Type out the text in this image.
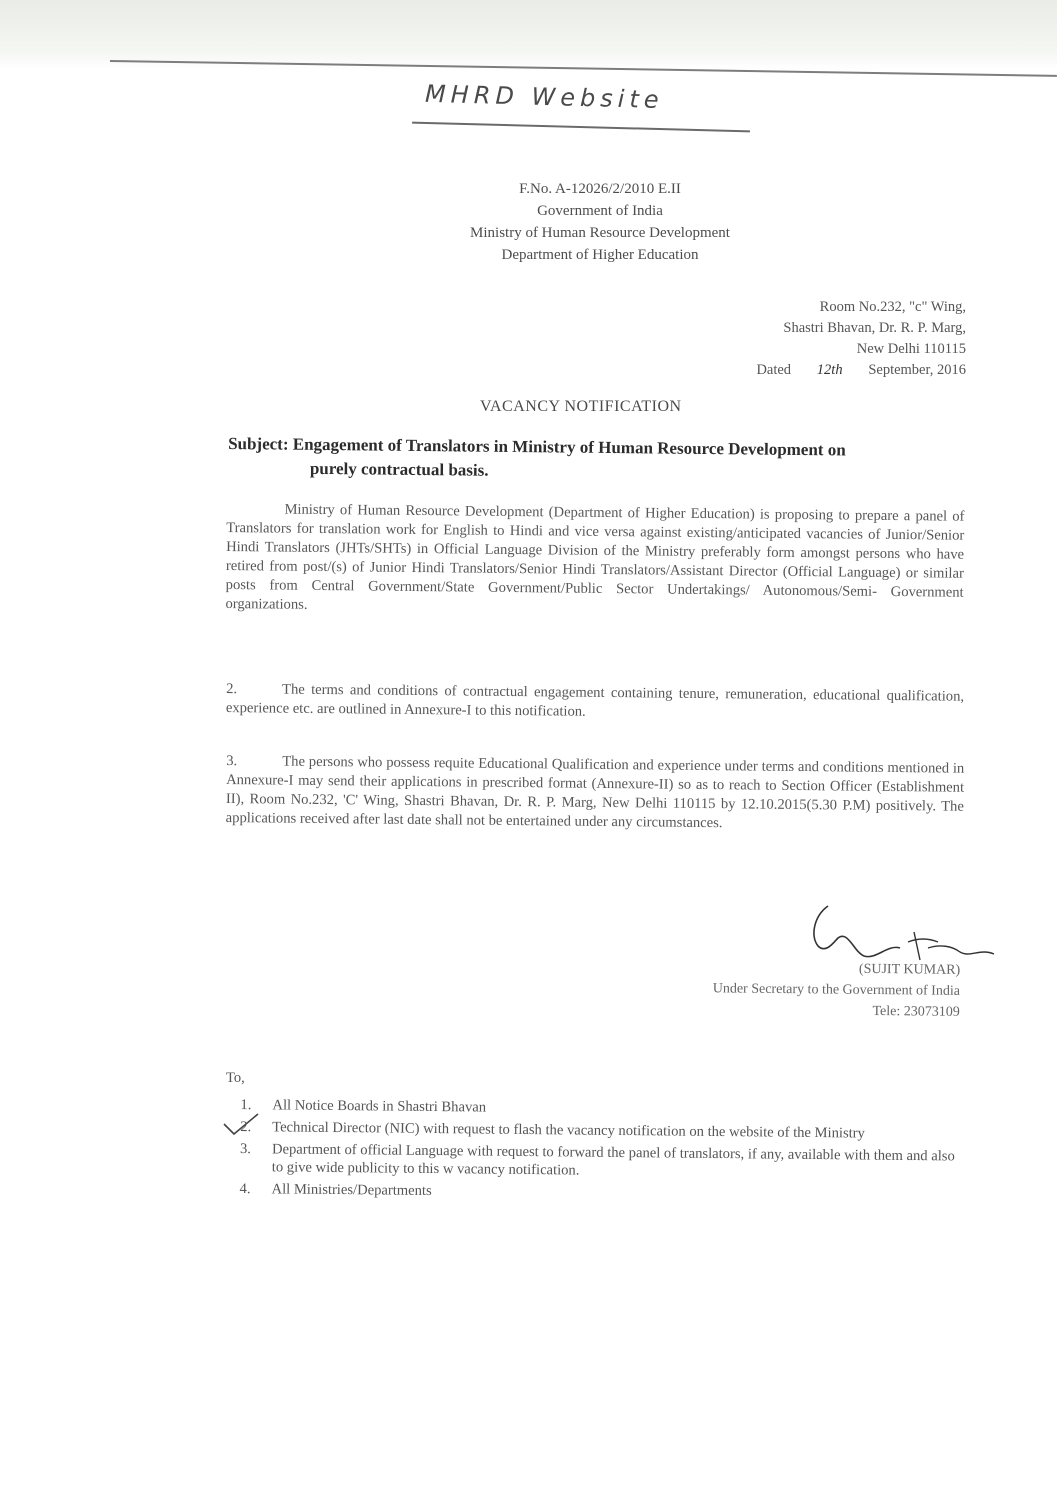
MHRD Website
F.No. A-12026/2/2010 E.II
Government of India
Ministry of Human Resource Development
Department of Higher Education
Room No.232, "c" Wing,
Shastri Bhavan, Dr. R. P. Marg,
New Delhi 110115
Dated 12th September, 2016
VACANCY NOTIFICATION
Subject: Engagement of Translators in Ministry of Human Resource Development on
purely contractual basis.
Ministry of Human Resource Development (Department of Higher Education) is proposing to prepare a panel of Translators for translation work for English to Hindi and vice versa against existing/anticipated vacancies of Junior/Senior Hindi Translators (JHTs/SHTs) in Official Language Division of the Ministry preferably form amongst persons who have retired from post/(s) of Junior Hindi Translators/Senior Hindi Translators/Assistant Director (Official Language) or similar posts from Central Government/State Government/Public Sector Undertakings/ Autonomous/Semi- Government organizations.
2.	The terms and conditions of contractual engagement containing tenure, remuneration, educational qualification, experience etc. are outlined in Annexure-I to this notification.
3.	The persons who possess requite Educational Qualification and experience under terms and conditions mentioned in Annexure-I may send their applications in prescribed format (Annexure-II) so as to reach to Section Officer (Establishment II), Room No.232, 'C' Wing, Shastri Bhavan, Dr. R. P. Marg, New Delhi 110115 by 12.10.2015(5.30 P.M) positively. The applications received after last date shall not be entertained under any circumstances.
(SUJIT KUMAR)
Under Secretary to the Government of India
Tele: 23073109
To,
1.	All Notice Boards in Shastri Bhavan
2.	Technical Director (NIC) with request to flash the vacancy notification on the website of the Ministry
3.	Department of official Language with request to forward the panel of translators, if any, available with them and also to give wide publicity to this w vacancy notification.
4.	All Ministries/Departments
